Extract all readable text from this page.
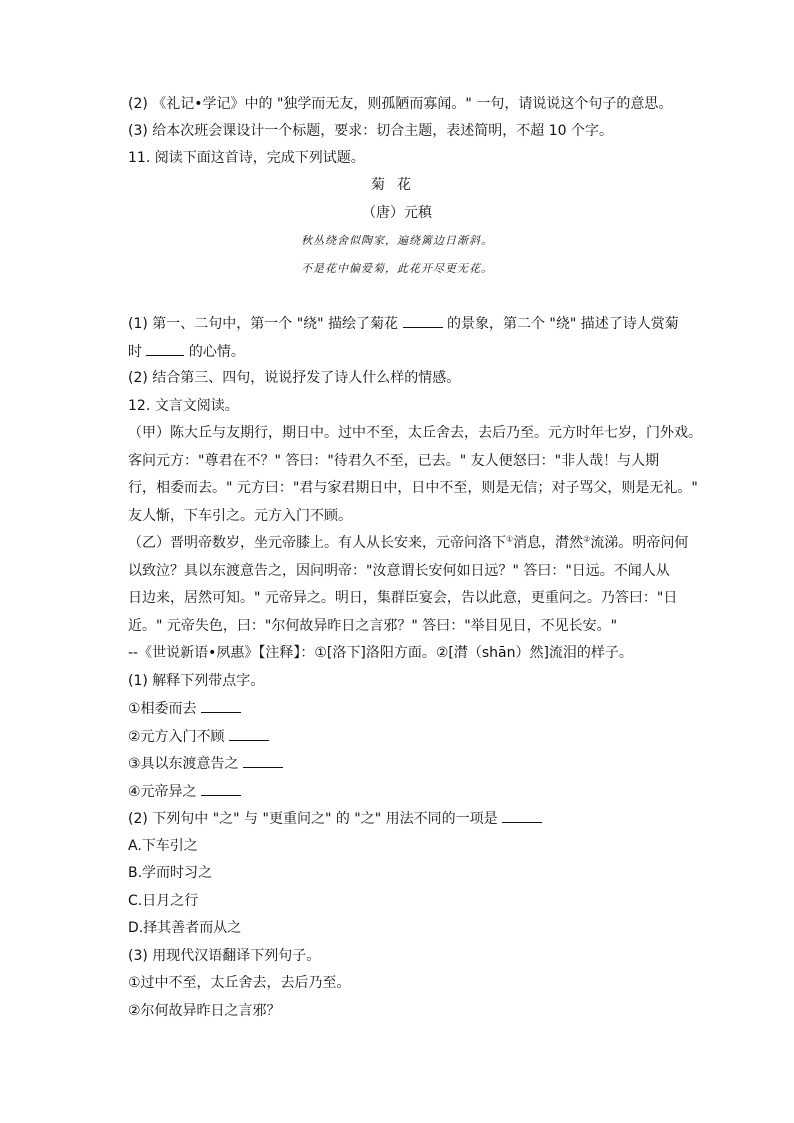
(2) 《礼记•学记》中的 "独学而无友，则孤陋而寡闻。" 一句，请说说这个句子的意思。
(3) 给本次班会课设计一个标题，要求：切合主题，表述简明，不超 10 个字。
11. 阅读下面这首诗，完成下列试题。
菊花
（唐）元稹
秋丛绕舍似陶家，遍绕篱边日渐斜。
不是花中偏爱菊，此花开尽更无花。
(1) 第一、二句中，第一个 "绕" 描绘了菊花	的景象，第二个 "绕" 描述了诗人赏菊
时	的心情。
(2) 结合第三、四句，说说抒发了诗人什么样的情感。
12. 文言文阅读。
（甲）陈大丘与友期行，期日中。过中不至，太丘舍去，去后乃至。元方时年七岁，门外戏。
客问元方："尊君在不？" 答曰："待君久不至，已去。" 友人便怒曰："非人哉！与人期
行，相委而去。" 元方曰："君与家君期日中，日中不至，则是无信；对子骂父，则是无礼。"
友人惭，下车引之。元方入门不顾。
（乙）晋明帝数岁，坐元帝膝上。有人从长安来，元帝问洛下①消息，潸然②流涕。明帝问何
以致泣？具以东渡意告之，因问明帝："汝意谓长安何如日远？" 答曰："日远。不闻人从
日边来，居然可知。" 元帝异之。明日，集群臣宴会，告以此意，更重问之。乃答曰："日
近。" 元帝失色，曰："尔何故异昨日之言邪？" 答曰："举目见日，不见长安。"
--《世说新语•夙惠》【注释】：①[洛下]洛阳方面。②[潸（shān）然]流泪的样子。
(1) 解释下列带点字。
①相委而去
②元方入门不顾
③具以东渡意告之
④元帝异之
(2) 下列句中 "之" 与 "更重问之" 的 "之" 用法不同的一项是
A.下车引之
B.学而时习之
C.日月之行
D.择其善者而从之
(3) 用现代汉语翻译下列句子。
①过中不至，太丘舍去，去后乃至。
②尔何故异昨日之言邪？
